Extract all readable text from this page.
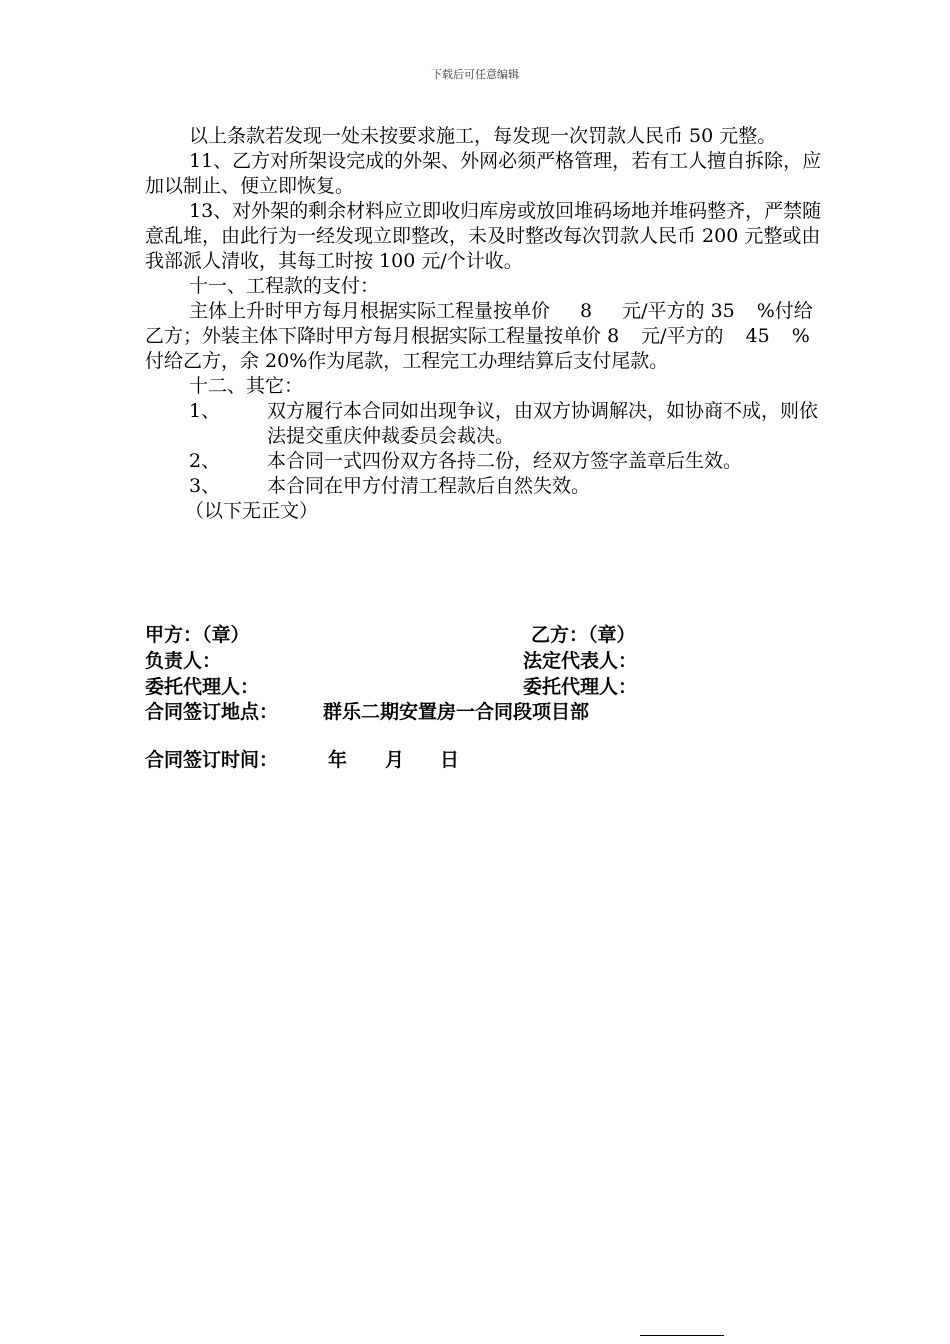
下载后可任意编辑

以上条款若发现一处未按要求施工，每发现一次罚款人民币 50 元整。

11、乙方对所架设完成的外架、外网必须严格管理，若有工人擅自拆除，应加以制止、便立即恢复。

13、对外架的剩余材料应立即收归库房或放回堆码场地并堆码整齐，严禁随意乱堆，由此行为一经发现立即整改，未及时整改每次罚款人民币 200 元整或由我部派人清收，其每工时按 100 元/个计收。

十一、工程款的支付：

主体上升时甲方每月根据实际工程量按单价 8 元/平方的 35 %付给乙方；外装主体下降时甲方每月根据实际工程量按单价 8 元/平方的 45 %付给乙方，余 20%作为尾款，工程完工办理结算后支付尾款。

十二、其它：

1、 双方履行本合同如出现争议，由双方协调解决，如协商不成，则依法提交重庆仲裁委员会裁决。

2、 本合同一式四份双方各持二份，经双方签字盖章后生效。

3、 本合同在甲方付清工程款后自然失效。

（以下无正文）

甲方：（章）	乙方：（章）
负责人：	法定代表人：
委托代理人：	委托代理人：
合同签订地点： 群乐二期安置房一合同段项目部
合同签订时间：	年 月 日
